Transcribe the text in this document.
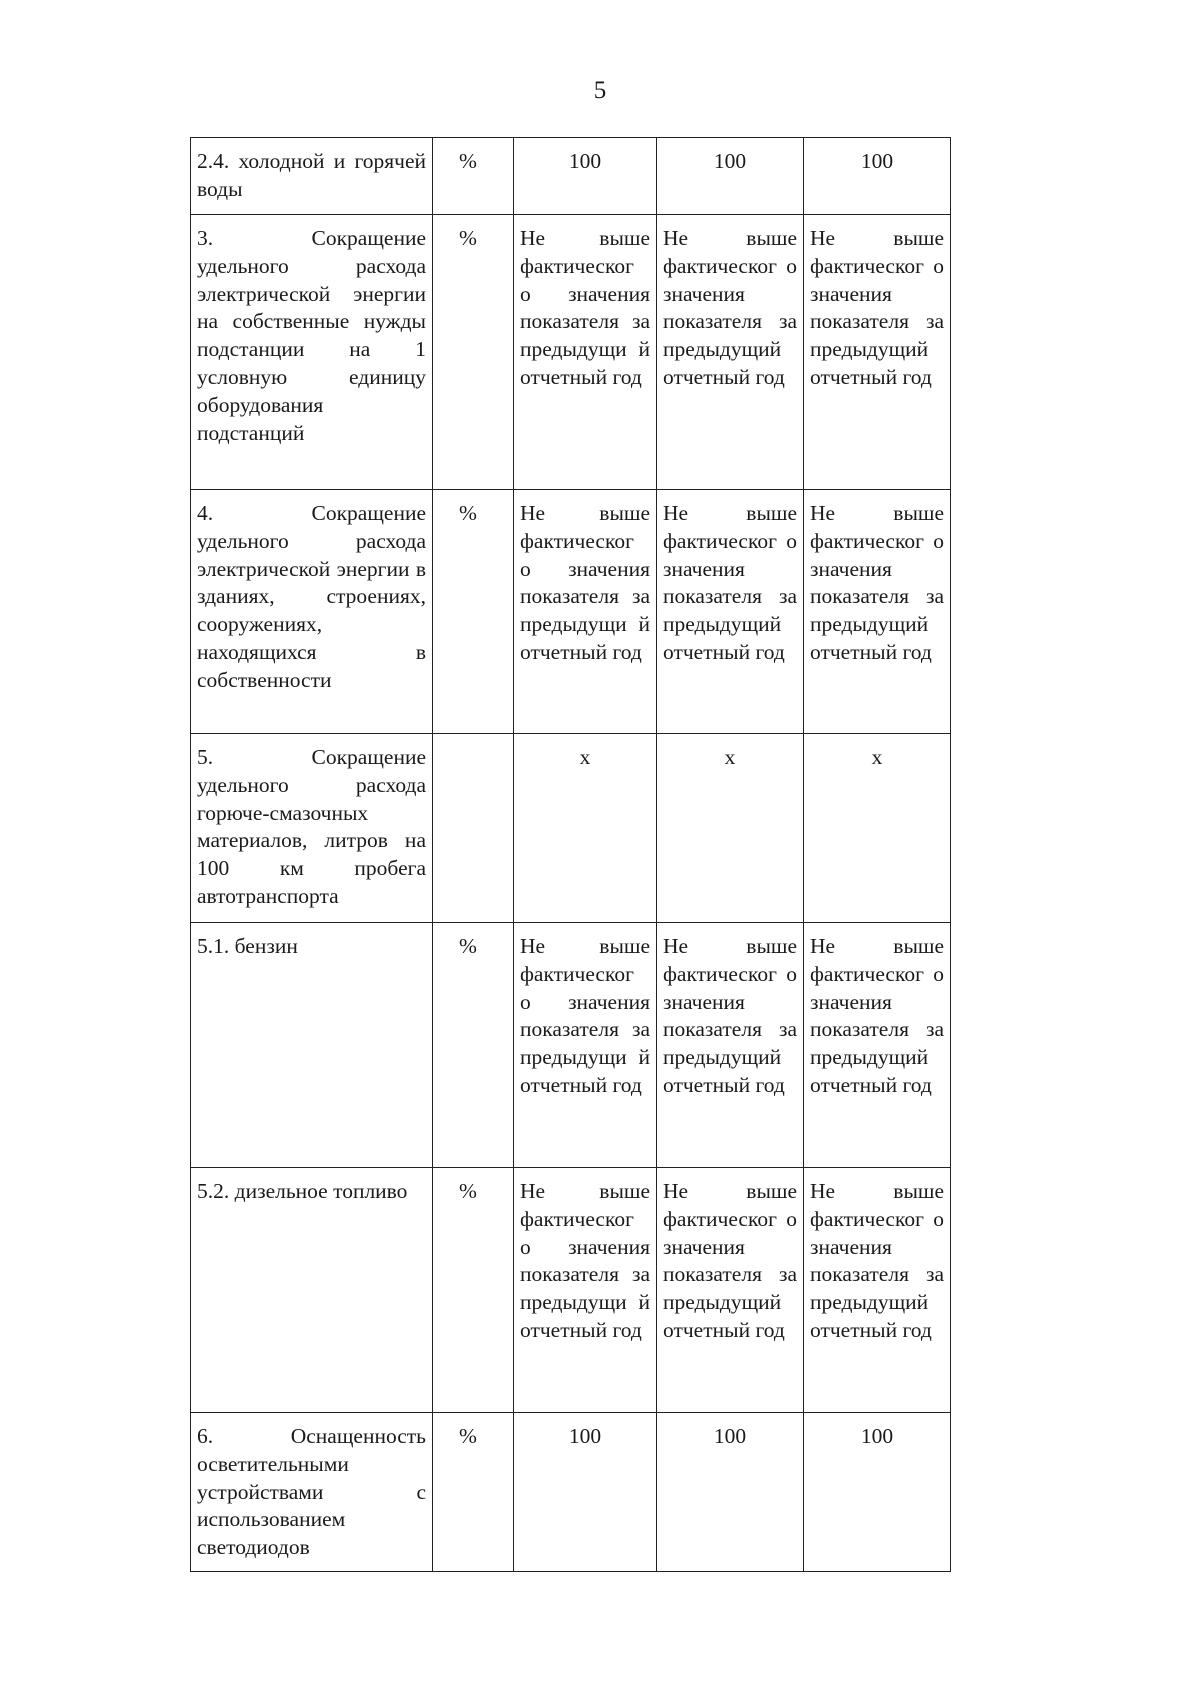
5
2.4. холодной и горячей воды	%	100	100	100
3. Сокращение удельного расхода электрической энергии на собственные нужды подстанции на 1 условную единицу оборудования подстанций	%	Не выше фактическог о значения показателя за предыдущи й отчетный год	Не выше фактическог о значения показателя за предыдущий отчетный год	Не выше фактическог о значения показателя за предыдущий отчетный год
4. Сокращение удельного расхода электрической энергии в зданиях, строениях, сооружениях, находящихся в собственности	%	Не выше фактическог о значения показателя за предыдущи й отчетный год	Не выше фактическог о значения показателя за предыдущий отчетный год	Не выше фактическог о значения показателя за предыдущий отчетный год
5. Сокращение удельного расхода горюче-смазочных материалов, литров на 100 км пробега автотранспорта		х	х	х
5.1. бензин	%	Не выше фактическог о значения показателя за предыдущи й отчетный год	Не выше фактическог о значения показателя за предыдущий отчетный год	Не выше фактическог о значения показателя за предыдущий отчетный год
5.2. дизельное топливо	%	Не выше фактическог о значения показателя за предыдущи й отчетный год	Не выше фактическог о значения показателя за предыдущий отчетный год	Не выше фактическог о значения показателя за предыдущий отчетный год
6. Оснащенность осветительными устройствами с использованием светодиодов	%	100	100	100
